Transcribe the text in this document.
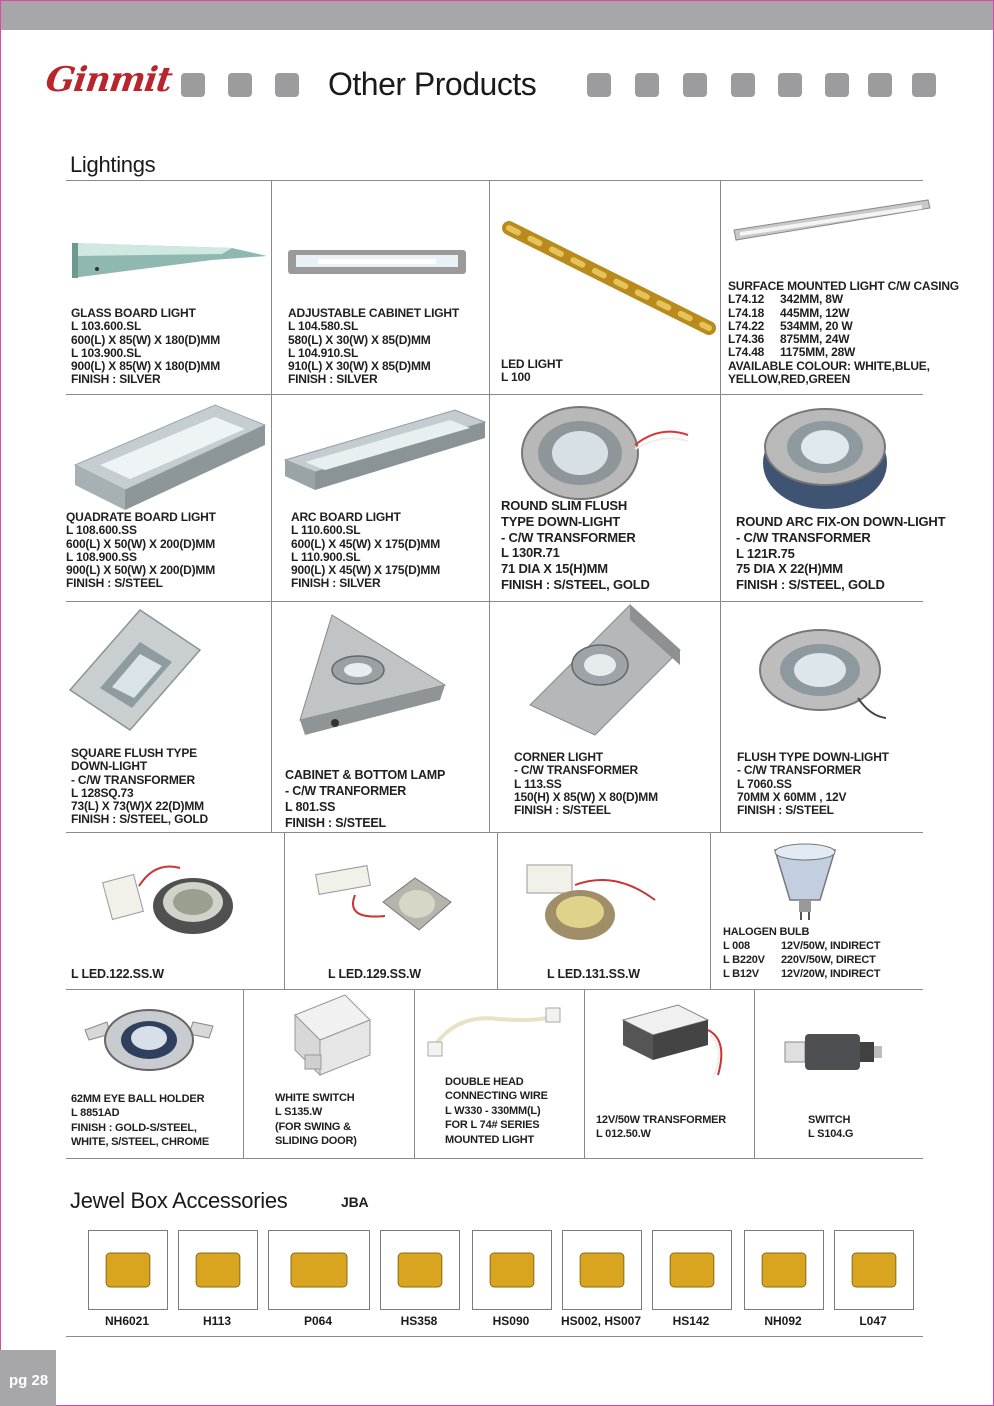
Ginmit	Other Products
Lightings
GLASS BOARD LIGHT
L 103.600.SL
600(L) X 85(W) X 180(D)MM
L 103.900.SL
900(L) X 85(W) X 180(D)MM
FINISH : SILVER
ADJUSTABLE CABINET LIGHT
L 104.580.SL
580(L) X 30(W) X 85(D)MM
L 104.910.SL
910(L) X 30(W) X 85(D)MM
FINISH : SILVER
LED LIGHT
L 100
SURFACE MOUNTED LIGHT C/W CASING
L74.12	342MM, 8W
L74.18	445MM, 12W
L74.22	534MM, 20 W
L74.36	875MM, 24W
L74.48	1175MM, 28W
AVAILABLE COLOUR: WHITE,BLUE,
YELLOW,RED,GREEN
QUADRATE BOARD LIGHT
L 108.600.SS
600(L) X 50(W) X 200(D)MM
L 108.900.SS
900(L) X 50(W) X 200(D)MM
FINISH : S/STEEL
ARC BOARD LIGHT
L 110.600.SL
600(L) X 45(W) X 175(D)MM
L 110.900.SL
900(L) X 45(W) X 175(D)MM
FINISH : SILVER
ROUND SLIM FLUSH
TYPE DOWN-LIGHT
- C/W TRANSFORMER
L 130R.71
71 DIA X 15(H)MM
FINISH : S/STEEL, GOLD
ROUND ARC FIX-ON DOWN-LIGHT
- C/W TRANSFORMER
L 121R.75
75 DIA X 22(H)MM
FINISH : S/STEEL, GOLD
SQUARE FLUSH TYPE
DOWN-LIGHT
- C/W TRANSFORMER
L 128SQ.73
73(L) X 73(W)X 22(D)MM
FINISH : S/STEEL, GOLD
CABINET & BOTTOM LAMP
- C/W TRANFORMER
L 801.SS
FINISH : S/STEEL
CORNER LIGHT
- C/W TRANSFORMER
L 113.SS
150(H) X 85(W) X 80(D)MM
FINISH : S/STEEL
FLUSH TYPE DOWN-LIGHT
- C/W TRANSFORMER
L 7060.SS
70MM X 60MM , 12V
FINISH : S/STEEL
L LED.122.SS.W	L LED.129.SS.W	L LED.131.SS.W
HALOGEN BULB
L 008	12V/50W, INDIRECT
L B220V	220V/50W, DIRECT
L B12V	12V/20W, INDIRECT
62MM EYE BALL HOLDER
L 8851AD
FINISH : GOLD-S/STEEL,
WHITE, S/STEEL, CHROME
WHITE SWITCH
L S135.W
(FOR SWING &
SLIDING DOOR)
DOUBLE HEAD
CONNECTING WIRE
L W330 - 330MM(L)
FOR L 74# SERIES
MOUNTED LIGHT
12V/50W TRANSFORMER
L 012.50.W
SWITCH
L S104.G
Jewel Box Accessories	JBA
NH6021	H113	P064	HS358	HS090	HS002, HS007	HS142	NH092	L047
pg 28
